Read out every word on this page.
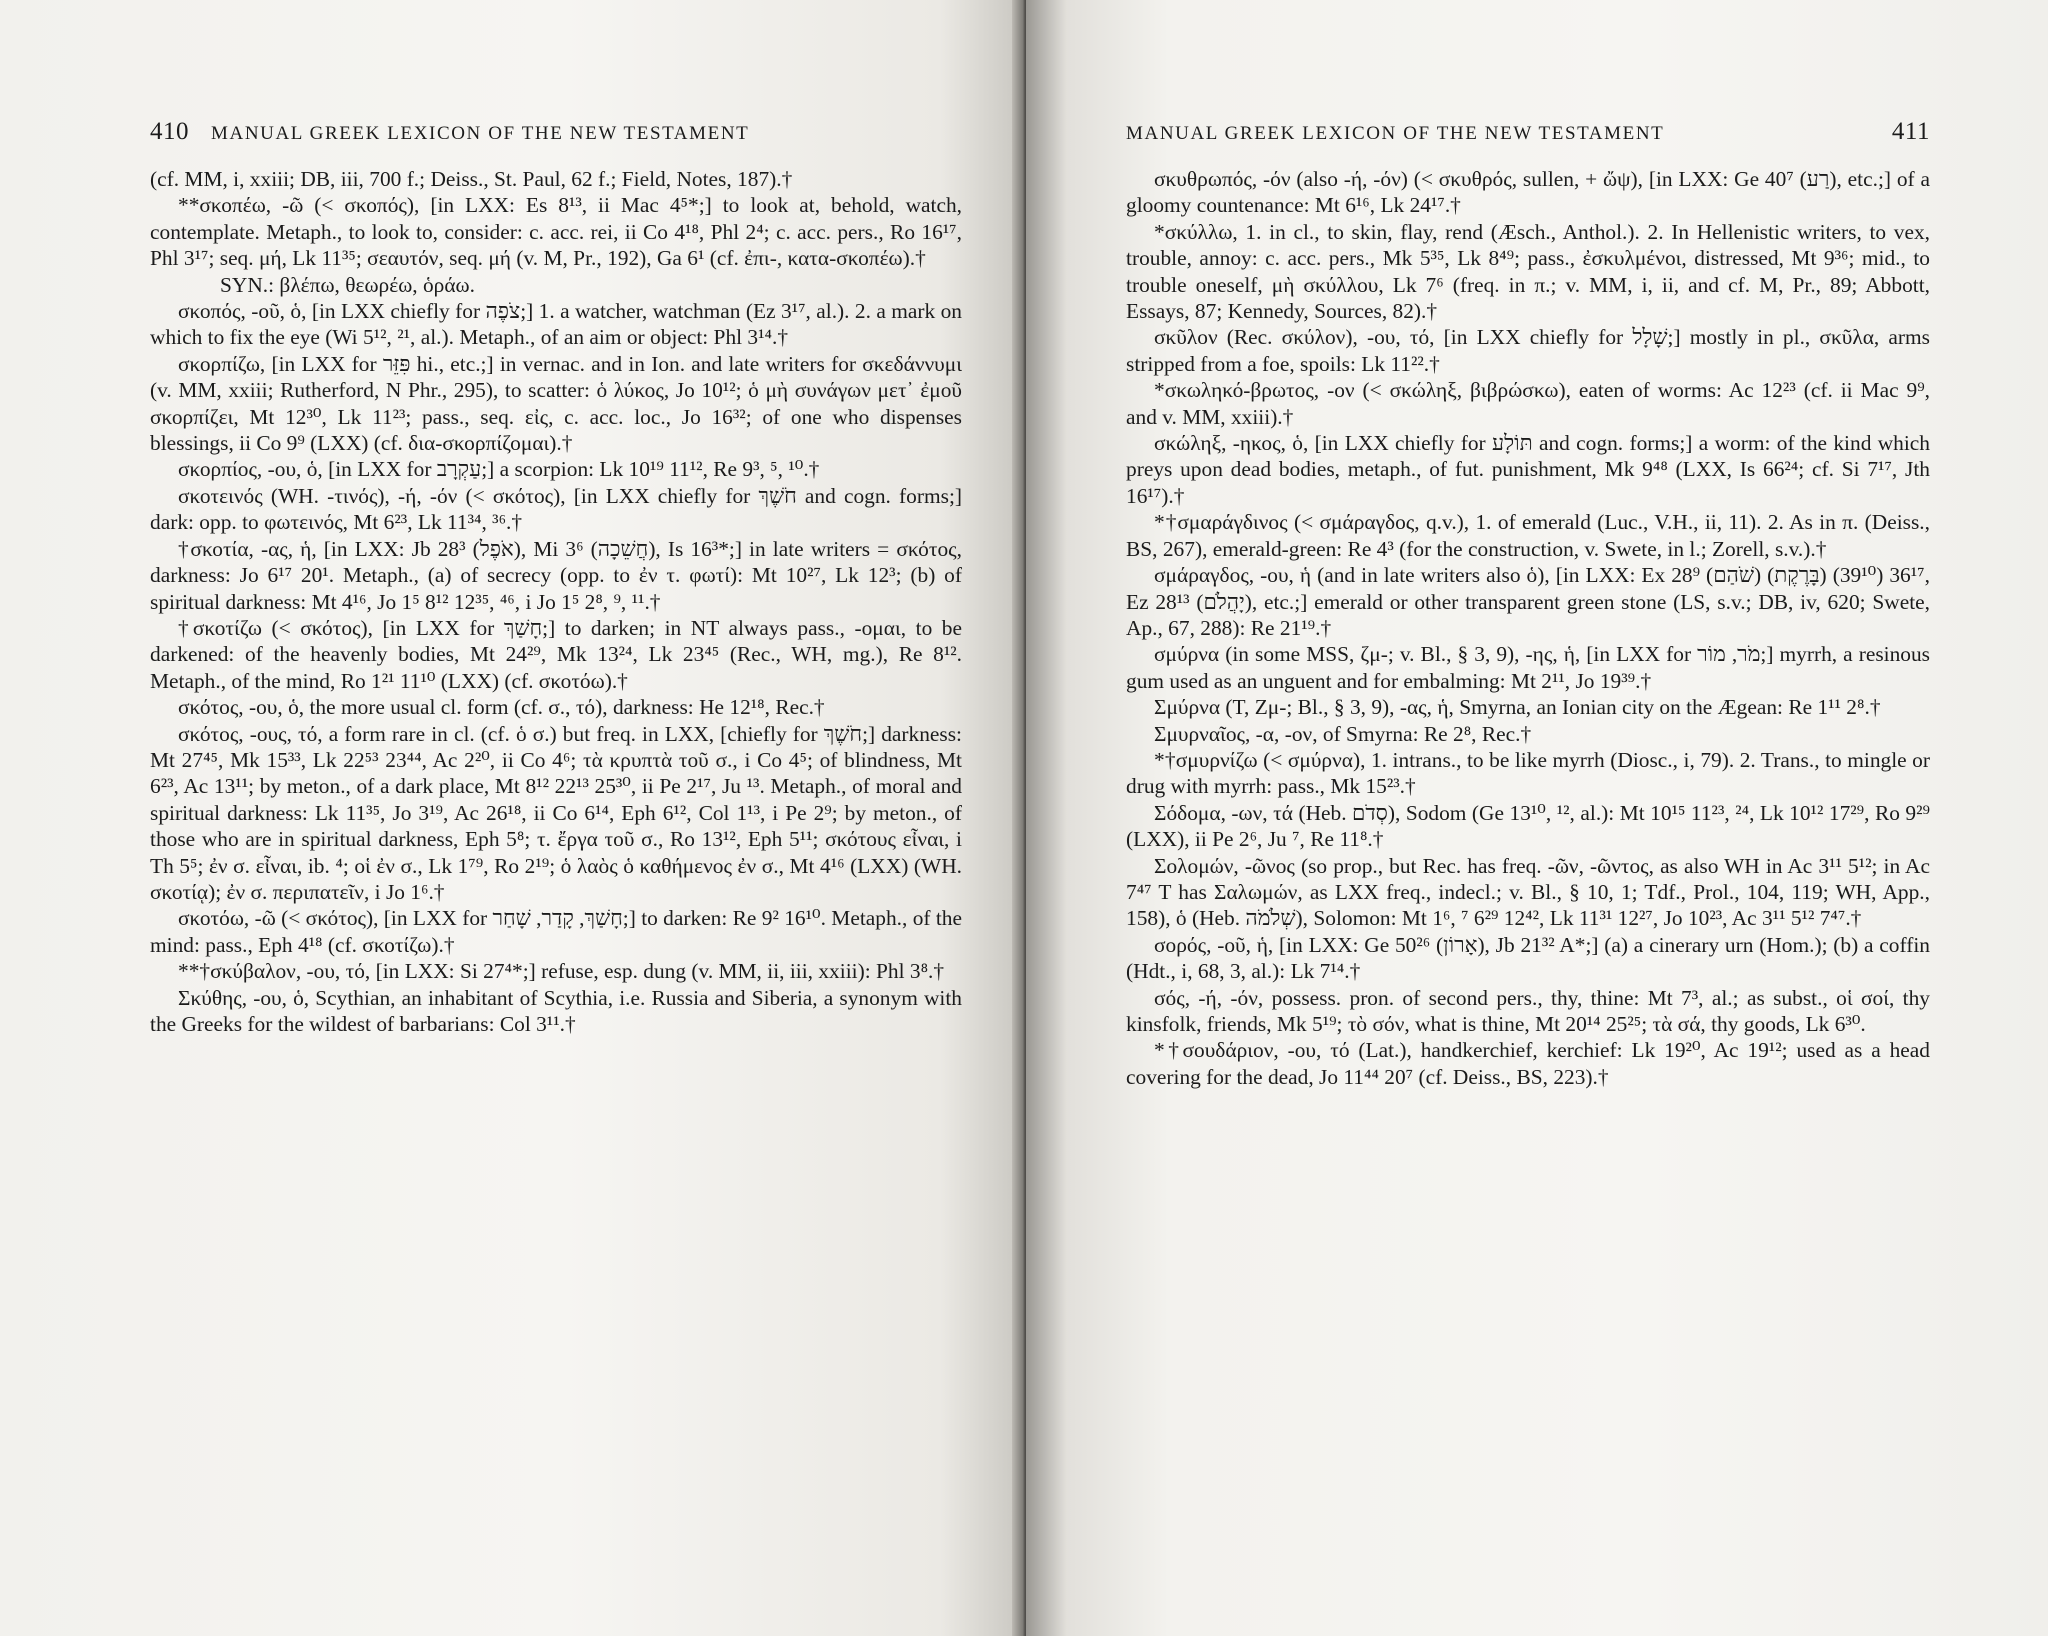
410 MANUAL GREEK LEXICON OF THE NEW TESTAMENT

(cf. MM, i, xxiii; DB, iii, 700 f.; Deiss., St. Paul, 62 f.; Field, Notes, 187).†

**σκοπέω, -ῶ (< σκοπός), [in LXX: Es 8¹³, ii Mac 4⁵*;] to look at, behold, watch, contemplate. Metaph., to look to, consider: c. acc. rei, ii Co 4¹⁸, Phl 2⁴; c. acc. pers., Ro 16¹⁷, Phl 3¹⁷; seq. μή, Lk 11³⁵; σεαυτόν, seq. μή (v. M, Pr., 192), Ga 6¹ (cf. ἐπι-, κατα-σκοπέω).†

SYN.: βλέπω, θεωρέω, ὁράω.

σκοπός, -οῦ, ὁ, [in LXX chiefly for צֹפֶה;] 1. a watcher, watchman (Ez 3¹⁷, al.). 2. a mark on which to fix the eye (Wi 5¹², ²¹, al.). Metaph., of an aim or object: Phl 3¹⁴.†

σκορπίζω, [in LXX for פִּזֵּר hi., etc.;] in vernac. and in Ion. and late writers for σκεδάννυμι (v. MM, xxiii; Rutherford, N Phr., 295), to scatter: ὁ λύκος, Jo 10¹²; ὁ μὴ συνάγων μετ᾽ ἐμοῦ σκορπίζει, Mt 12³⁰, Lk 11²³; pass., seq. εἰς, c. acc. loc., Jo 16³²; of one who dispenses blessings, ii Co 9⁹ (LXX) (cf. δια-σκορπίζομαι).†

σκορπίος, -ου, ὁ, [in LXX for עַקְרָב;] a scorpion: Lk 10¹⁹ 11¹², Re 9³, ⁵, ¹⁰.†

σκοτεινός (WH. -τινός), -ή, -όν (< σκότος), [in LXX chiefly for חֹשֶׁךְ and cogn. forms;] dark: opp. to φωτεινός, Mt 6²³, Lk 11³⁴, ³⁶.†

†σκοτία, -ας, ἡ, [in LXX: Jb 28³ (אֹפֶל), Mi 3⁶ (חֲשֵׁכָה), Is 16³*;] in late writers = σκότος, darkness: Jo 6¹⁷ 20¹. Metaph., (a) of secrecy (opp. to ἐν τ. φωτί): Mt 10²⁷, Lk 12³; (b) of spiritual darkness: Mt 4¹⁶, Jo 1⁵ 8¹² 12³⁵, ⁴⁶, i Jo 1⁵ 2⁸, ⁹, ¹¹.†

†σκοτίζω (< σκότος), [in LXX for חָשַׁךְ;] to darken; in NT always pass., -ομαι, to be darkened: of the heavenly bodies, Mt 24²⁹, Mk 13²⁴, Lk 23⁴⁵ (Rec., WH, mg.), Re 8¹². Metaph., of the mind, Ro 1²¹ 11¹⁰ (LXX) (cf. σκοτόω).†

σκότος, -ου, ὁ, the more usual cl. form (cf. σ., τό), darkness: He 12¹⁸, Rec.†

σκότος, -ους, τό, a form rare in cl. (cf. ὁ σ.) but freq. in LXX, [chiefly for חֹשֶׁךְ;] darkness: Mt 27⁴⁵, Mk 15³³, Lk 22⁵³ 23⁴⁴, Ac 2²⁰, ii Co 4⁶; τὰ κρυπτὰ τοῦ σ., i Co 4⁵; of blindness, Mt 6²³, Ac 13¹¹; by meton., of a dark place, Mt 8¹² 22¹³ 25³⁰, ii Pe 2¹⁷, Ju ¹³. Metaph., of moral and spiritual darkness: Lk 11³⁵, Jo 3¹⁹, Ac 26¹⁸, ii Co 6¹⁴, Eph 6¹², Col 1¹³, i Pe 2⁹; by meton., of those who are in spiritual darkness, Eph 5⁸; τ. ἔργα τοῦ σ., Ro 13¹², Eph 5¹¹; σκότους εἶναι, i Th 5⁵; ἐν σ. εἶναι, ib. ⁴; οἱ ἐν σ., Lk 1⁷⁹, Ro 2¹⁹; ὁ λαὸς ὁ καθήμενος ἐν σ., Mt 4¹⁶ (LXX) (WH. σκοτίᾳ); ἐν σ. περιπατεῖν, i Jo 1⁶.†

σκοτόω, -ῶ (< σκότος), [in LXX for חָשַׁךְ, קָדַר, שָׁחַר;] to darken: Re 9² 16¹⁰. Metaph., of the mind: pass., Eph 4¹⁸ (cf. σκοτίζω).†

**†σκύβαλον, -ου, τό, [in LXX: Si 27⁴*;] refuse, esp. dung (v. MM, ii, iii, xxiii): Phl 3⁸.†

Σκύθης, -ου, ὁ, Scythian, an inhabitant of Scythia, i.e. Russia and Siberia, a synonym with the Greeks for the wildest of barbarians: Col 3¹¹.†

MANUAL GREEK LEXICON OF THE NEW TESTAMENT	411

σκυθρωπός, -όν (also -ή, -όν) (< σκυθρός, sullen, + ὤψ), [in LXX: Ge 40⁷ (רַע), etc.;] of a gloomy countenance: Mt 6¹⁶, Lk 24¹⁷.†

*σκύλλω, 1. in cl., to skin, flay, rend (Æsch., Anthol.). 2. In Hellenistic writers, to vex, trouble, annoy: c. acc. pers., Mk 5³⁵, Lk 8⁴⁹; pass., ἐσκυλμένοι, distressed, Mt 9³⁶; mid., to trouble oneself, μὴ σκύλλου, Lk 7⁶ (freq. in π.; v. MM, i, ii, and cf. M, Pr., 89; Abbott, Essays, 87; Kennedy, Sources, 82).†

σκῦλον (Rec. σκύλον), -ου, τό, [in LXX chiefly for שָׁלָל;] mostly in pl., σκῦλα, arms stripped from a foe, spoils: Lk 11²².†

*σκωληκό-βρωτος, -ον (< σκώληξ, βιβρώσκω), eaten of worms: Ac 12²³ (cf. ii Mac 9⁹, and v. MM, xxiii).†

σκώληξ, -ηκος, ὁ, [in LXX chiefly for תּוֹלָע and cogn. forms;] a worm: of the kind which preys upon dead bodies, metaph., of fut. punishment, Mk 9⁴⁸ (LXX, Is 66²⁴; cf. Si 7¹⁷, Jth 16¹⁷).†

*†σμαράγδινος (< σμάραγδος, q.v.), 1. of emerald (Luc., V.H., ii, 11). 2. As in π. (Deiss., BS, 267), emerald-green: Re 4³ (for the construction, v. Swete, in l.; Zorell, s.v.).†

σμάραγδος, -ου, ἡ (and in late writers also ὁ), [in LXX: Ex 28⁹ (שֹׁהַם) 36¹⁷ (39¹⁰) (בָּרֶקֶת), Ez 28¹³ (יָהֲלֹם), etc.;] emerald or other transparent green stone (LS, s.v.; DB, iv, 620; Swete, Ap., 67, 288): Re 21¹⁹.†

σμύρνα (in some MSS, ζμ-; v. Bl., § 3, 9), -ης, ἡ, [in LXX for מֹר, מוֹר;] myrrh, a resinous gum used as an unguent and for embalming: Mt 2¹¹, Jo 19³⁹.†

Σμύρνα (T, Ζμ-; Bl., § 3, 9), -ας, ἡ, Smyrna, an Ionian city on the Ægean: Re 1¹¹ 2⁸.†

Σμυρναῖος, -α, -ον, of Smyrna: Re 2⁸, Rec.†

*†σμυρνίζω (< σμύρνα), 1. intrans., to be like myrrh (Diosc., i, 79). 2. Trans., to mingle or drug with myrrh: pass., Mk 15²³.†

Σόδομα, -ων, τά (Heb. סְדֹם), Sodom (Ge 13¹⁰, ¹², al.): Mt 10¹⁵ 11²³, ²⁴, Lk 10¹² 17²⁹, Ro 9²⁹ (LXX), ii Pe 2⁶, Ju ⁷, Re 11⁸.†

Σολομών, -ῶνος (so prop., but Rec. has freq. -ῶν, -ῶντος, as also WH in Ac 3¹¹ 5¹²; in Ac 7⁴⁷ T has Σαλωμών, as LXX freq., indecl.; v. Bl., § 10, 1; Tdf., Prol., 104, 119; WH, App., 158), ὁ (Heb. שְׁלֹמֹה), Solomon: Mt 1⁶, ⁷ 6²⁹ 12⁴², Lk 11³¹ 12²⁷, Jo 10²³, Ac 3¹¹ 5¹² 7⁴⁷.†

σορός, -οῦ, ἡ, [in LXX: Ge 50²⁶ (אָרוֹן), Jb 21³² A*;] (a) a cinerary urn (Hom.); (b) a coffin (Hdt., i, 68, 3, al.): Lk 7¹⁴.†

σός, -ή, -όν, possess. pron. of second pers., thy, thine: Mt 7³, al.; as subst., οἱ σοί, thy kinsfolk, friends, Mk 5¹⁹; τὸ σόν, what is thine, Mt 20¹⁴ 25²⁵; τὰ σά, thy goods, Lk 6³⁰.

*†σουδάριον, -ου, τό (Lat.), handkerchief, kerchief: Lk 19²⁰, Ac 19¹²; used as a head covering for the dead, Jo 11⁴⁴ 20⁷ (cf. Deiss., BS, 223).†
